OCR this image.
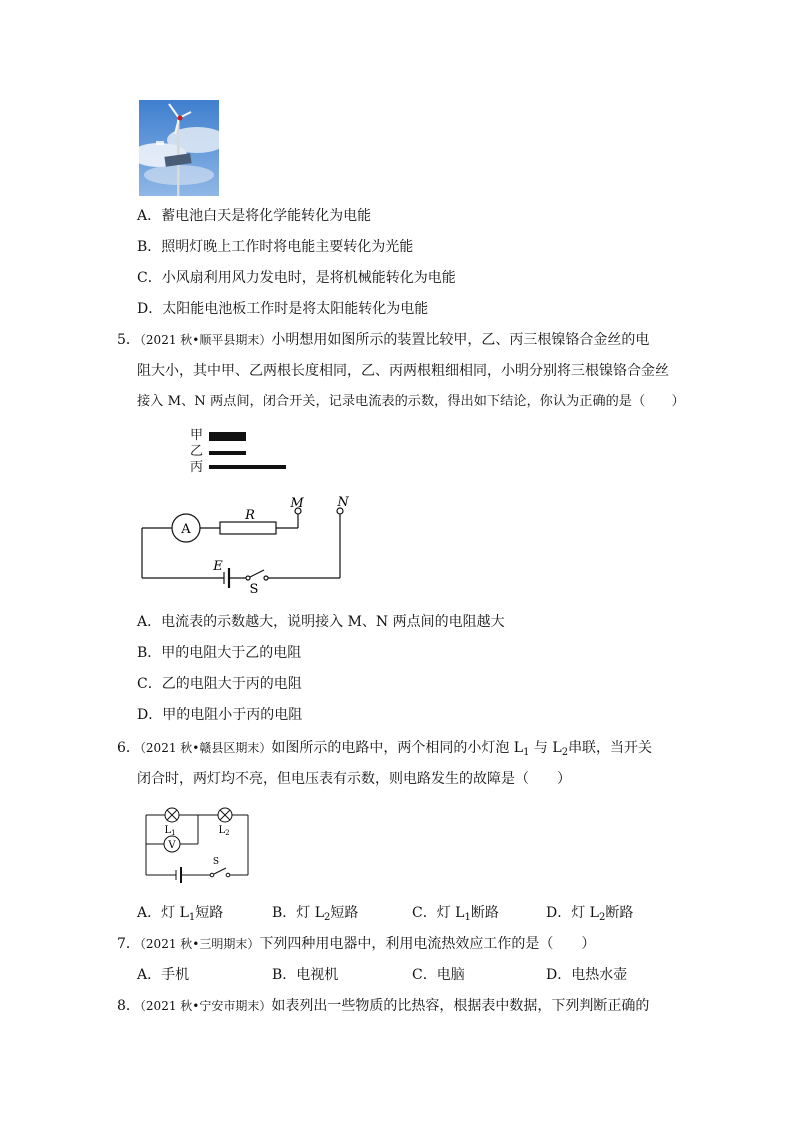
A．蓄电池白天是将化学能转化为电能
B．照明灯晚上工作时将电能主要转化为光能
C．小风扇利用风力发电时，是将机械能转化为电能
D．太阳能电池板工作时是将太阳能转化为电能
5．（2021 秋•顺平县期末）小明想用如图所示的装置比较甲，乙、丙三根镍铬合金丝的电
阻大小，其中甲、乙两根长度相同，乙、丙两根粗细相同，小明分别将三根镍铬合金丝
接入 M、N 两点间，闭合开关，记录电流表的示数，得出如下结论，你认为正确的是（　　）
甲
乙
丙
A
R
M	N
E
S
A．电流表的示数越大，说明接入 M、N 两点间的电阻越大
B．甲的电阻大于乙的电阻
C．乙的电阻大于丙的电阻
D．甲的电阻小于丙的电阻
6．（2021 秋•赣县区期末）如图所示的电路中，两个相同的小灯泡 $L_1$ 与 $L_2$串联，当开关
闭合时，两灯均不亮，但电压表有示数，则电路发生的故障是（　　）
$L_1$	$L_2$
V
S
A．灯 $L_1$短路	B．灯 $L_2$短路	C．灯 $L_1$断路	D．灯 $L_2$断路
7．（2021 秋•三明期末）下列四种用电器中，利用电流热效应工作的是（　　）
A．手机	B．电视机	C．电脑	D．电热水壶
8．（2021 秋•宁安市期末）如表列出一些物质的比热容，根据表中数据，下列判断正确的
